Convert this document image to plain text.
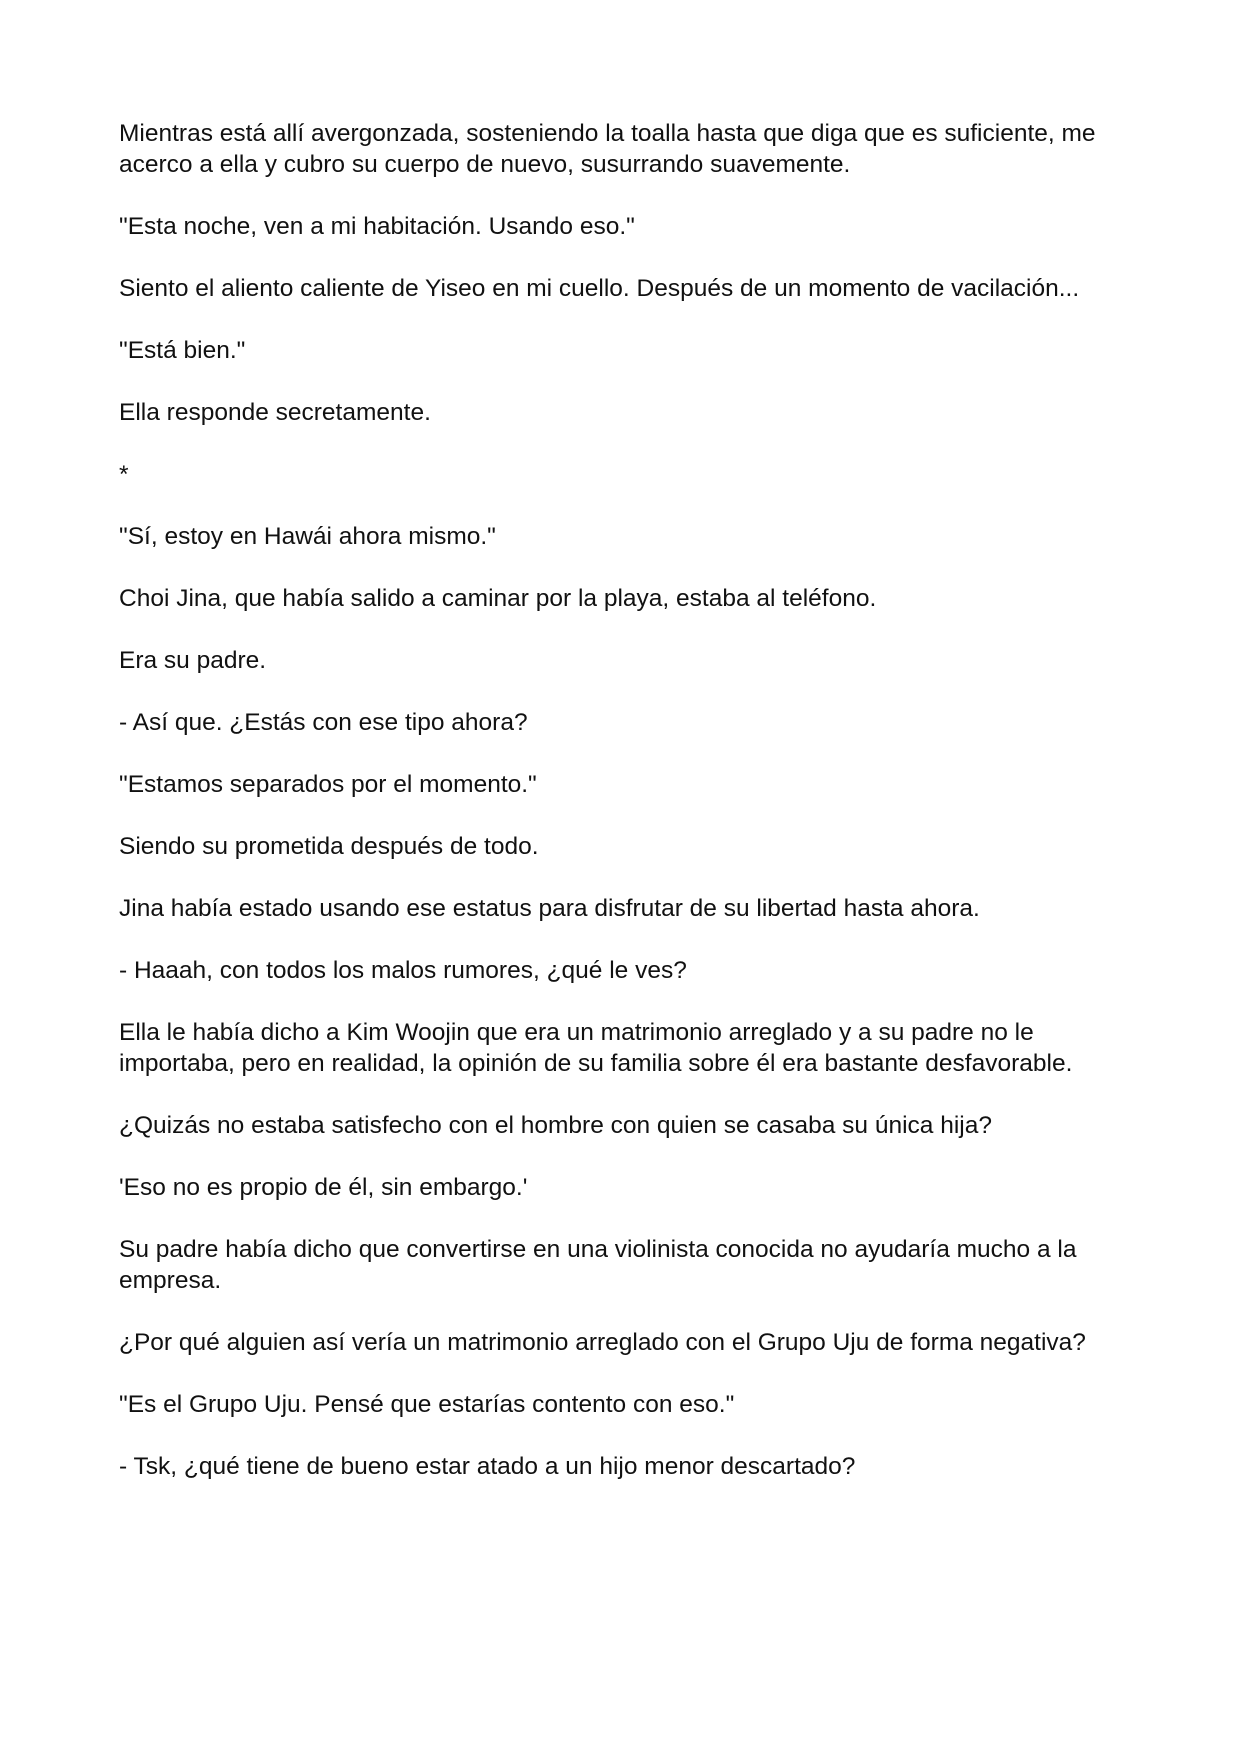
Mientras está allí avergonzada, sosteniendo la toalla hasta que diga que es suficiente, me acerco a ella y cubro su cuerpo de nuevo, susurrando suavemente.

"Esta noche, ven a mi habitación. Usando eso."

Siento el aliento caliente de Yiseo en mi cuello. Después de un momento de vacilación...

"Está bien."

Ella responde secretamente.

*

"Sí, estoy en Hawái ahora mismo."

Choi Jina, que había salido a caminar por la playa, estaba al teléfono.

Era su padre.

- Así que. ¿Estás con ese tipo ahora?

"Estamos separados por el momento."

Siendo su prometida después de todo.

Jina había estado usando ese estatus para disfrutar de su libertad hasta ahora.

- Haaah, con todos los malos rumores, ¿qué le ves?

Ella le había dicho a Kim Woojin que era un matrimonio arreglado y a su padre no le importaba, pero en realidad, la opinión de su familia sobre él era bastante desfavorable.

¿Quizás no estaba satisfecho con el hombre con quien se casaba su única hija?

'Eso no es propio de él, sin embargo.'

Su padre había dicho que convertirse en una violinista conocida no ayudaría mucho a la empresa.

¿Por qué alguien así vería un matrimonio arreglado con el Grupo Uju de forma negativa?

"Es el Grupo Uju. Pensé que estarías contento con eso."

- Tsk, ¿qué tiene de bueno estar atado a un hijo menor descartado?
